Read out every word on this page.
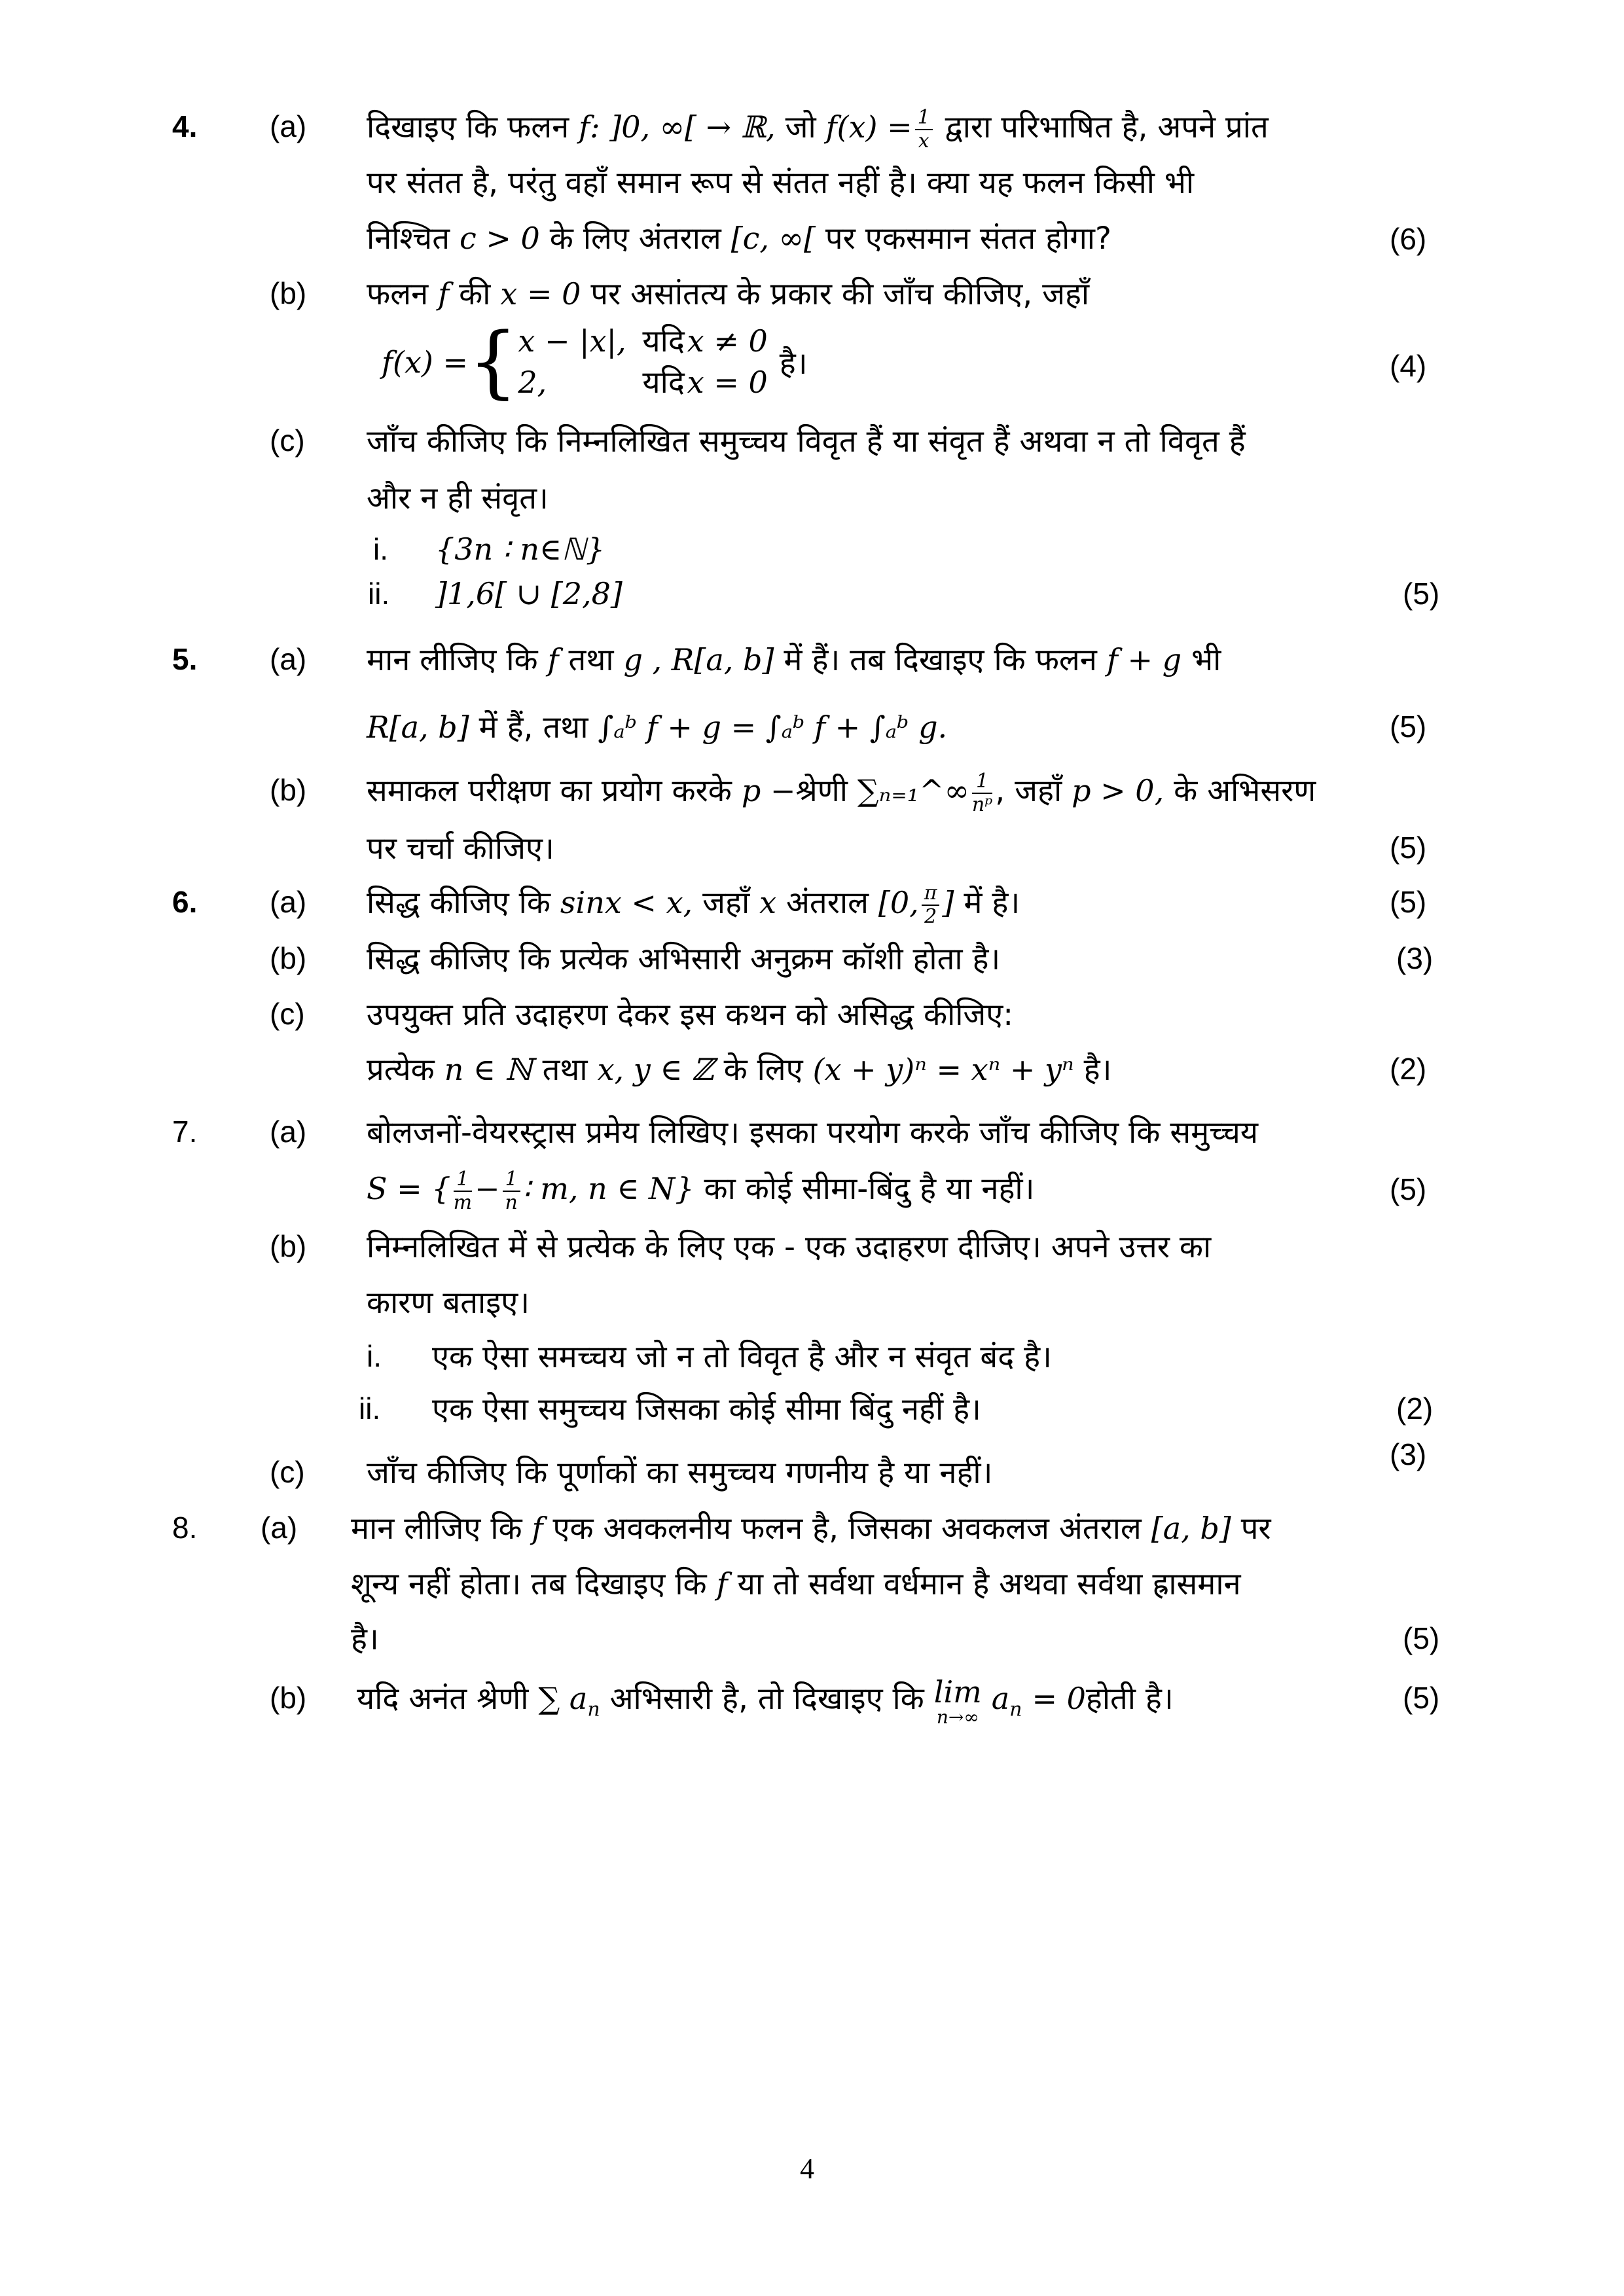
4. (a) दिखाइए कि फलन f: ]0, ∞[ → ℝ, जो $f(x) = \frac{1}{x}$ द्वारा परिभाषित है, अपने प्रांत
पर संतत है, परंतु वहाँ समान रूप से संतत नहीं है। क्या यह फलन किसी भी
निश्चित c > 0 के लिए अंतराल [c, ∞[ पर एकसमान संतत होगा?	(6)
(b) फलन f की x = 0 पर असांतत्य के प्रकार की जाँच कीजिए, जहाँ
f(x) ={ x − |x|, यदि x ≠ 0
2,	यदि x = 0
है।	(4)
(c) जाँच कीजिए कि निम्नलिखित समुच्चय विवृत हैं या संवृत हैं अथवा न तो विवृत हैं
और न ही संवृत।
i. {3n ∶ n∈ℕ}
ii. ]1,6[ ∪ [2,8]	(5)
5. (a) मान लीजिए कि f तथा g , R[a, b] में हैं। तब दिखाइए कि फलन f + g भी
R[a, b] में हैं, तथा ∫ₐᵇ f + g = ∫ₐᵇ f + ∫ₐᵇ g.	(5)
(b) समाकल परीक्षण का प्रयोग करके p −श्रेणी ∑ₙ₌₁^∞ $\frac{1}{\text{nᵖ}}$ , जहाँ p > 0, के अभिसरण
पर चर्चा कीजिए।	(5)
6. (a) सिद्ध कीजिए कि sinx < x, जहाँ x अंतराल [0, $\frac{\pi}{2}$ ] में है।	(5)
(b) सिद्ध कीजिए कि प्रत्येक अभिसारी अनुक्रम कॉशी होता है।	(3)
(c) उपयुक्त प्रति उदाहरण देकर इस कथन को असिद्ध कीजिए:
प्रत्येक n ∈ ℕ तथा x, y ∈ ℤ के लिए (x + y)ⁿ = xⁿ + yⁿ है।	(2)
7. (a) बोलजनों-वेयरस्ट्रास प्रमेय लिखिए। इसका परयोग करके जाँच कीजिए कि समुच्चय
S = { $\frac{1}{m} - \frac{1}{n}$ ∶ m, n ∈ N} का कोई सीमा-बिंदु है या नहीं।	(5)
(b) निम्नलिखित में से प्रत्येक के लिए एक - एक उदाहरण दीजिए। अपने उत्तर का
कारण बताइए।
i. एक ऐसा समच्चय जो न तो विवृत है और न संवृत बंद है।
ii. एक ऐसा समुच्चय जिसका कोई सीमा बिंदु नहीं है।	(2)
(3)
(c) जाँच कीजिए कि पूर्णाकों का समुच्चय गणनीय है या नहीं।
8. (a) मान लीजिए कि f एक अवकलनीय फलन है, जिसका अवकलज अंतराल [a, b] पर
शून्य नहीं होता। तब दिखाइए कि f या तो सर्वथा वर्धमान है अथवा सर्वथा ह्रासमान
है।	(5)
(b) यदि अनंत श्रेणी ∑ $a_n$ अभिसारी है, तो दिखाइए कि lim
n→∞
$a_n$ = 0होती है।	(5)
4
